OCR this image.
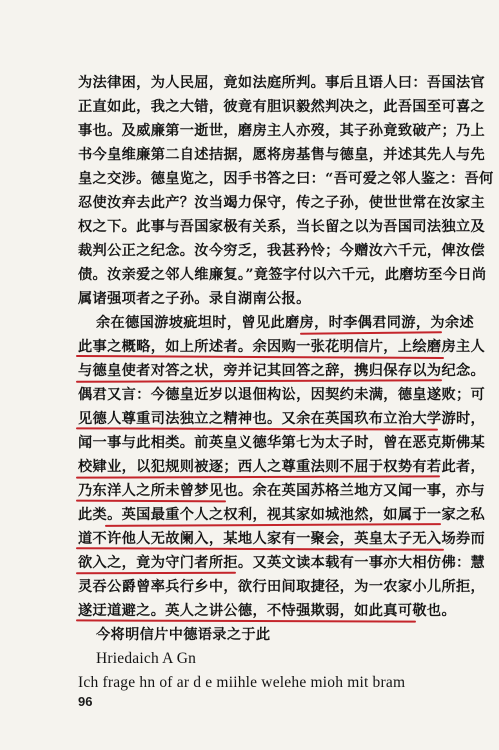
为法律困，为人民屈，竟如法庭所判。事后且语人曰：吾国法官
正直如此，我之大错，彼竟有胆识毅然判决之，此吾国至可喜之
事也。及威廉第一逝世，磨房主人亦歿，其子孙竟致破产；乃上
书今皇维廉第二自述拮据，愿将房基售与德皇，并述其先人与先
皇之交涉。德皇览之，因手书答之曰：“吾可爱之邻人鉴之：吾何
忍使汝弃去此产？汝当竭力保守，传之子孙，使世世常在汝家主
权之下。此事与吾国家极有关系，当长留之以为吾国司法独立及
裁判公正之纪念。汝今穷乏，我甚矜怜；今赠汝六千元，俾汝偿
债。汝亲爱之邻人维廉复。”竟签字付以六千元，此磨坊至今日尚
属诸强项者之子孙。录自湖南公报。
余在德国游坡疵坦时，曾见此磨房，时李偶君同游，为余述
此事之概略，如上所述者。余因购一张花明信片，上绘磨房主人
与德皇使者对答之状，旁并记其回答之辞，携归保存以为纪念。
偶君又言：今德皇近岁以退佃构讼，因契约未满，德皇遂败；可
见德人尊重司法独立之精神也。又余在英国玖布立治大学游时，
闻一事与此相类。前英皇义德华第七为太子时，曾在恶克斯佛某
校肄业，以犯规则被逐；西人之尊重法则不屈于权势有若此者，
乃东洋人之所未曾梦见也。余在英国苏格兰地方又闻一事，亦与
此类。英国最重个人之权利，视其家如城池然，如属于一家之私
道不许他人无故阑入，某地人家有一聚会，英皇太子无入场券而
欲入之，竟为守门者所拒。又英文读本载有一事亦大相仿佛：慧
灵吞公爵曾率兵行乡中，欲行田间取捷径，为一农家小儿所拒，
遂迂道避之。英人之讲公德，不恃强欺弱，如此真可敬也。
今将明信片中德语录之于此
Hriedaich A Gn
Ich frage hn of ar d e miihle welehe mioh mit bram
96
